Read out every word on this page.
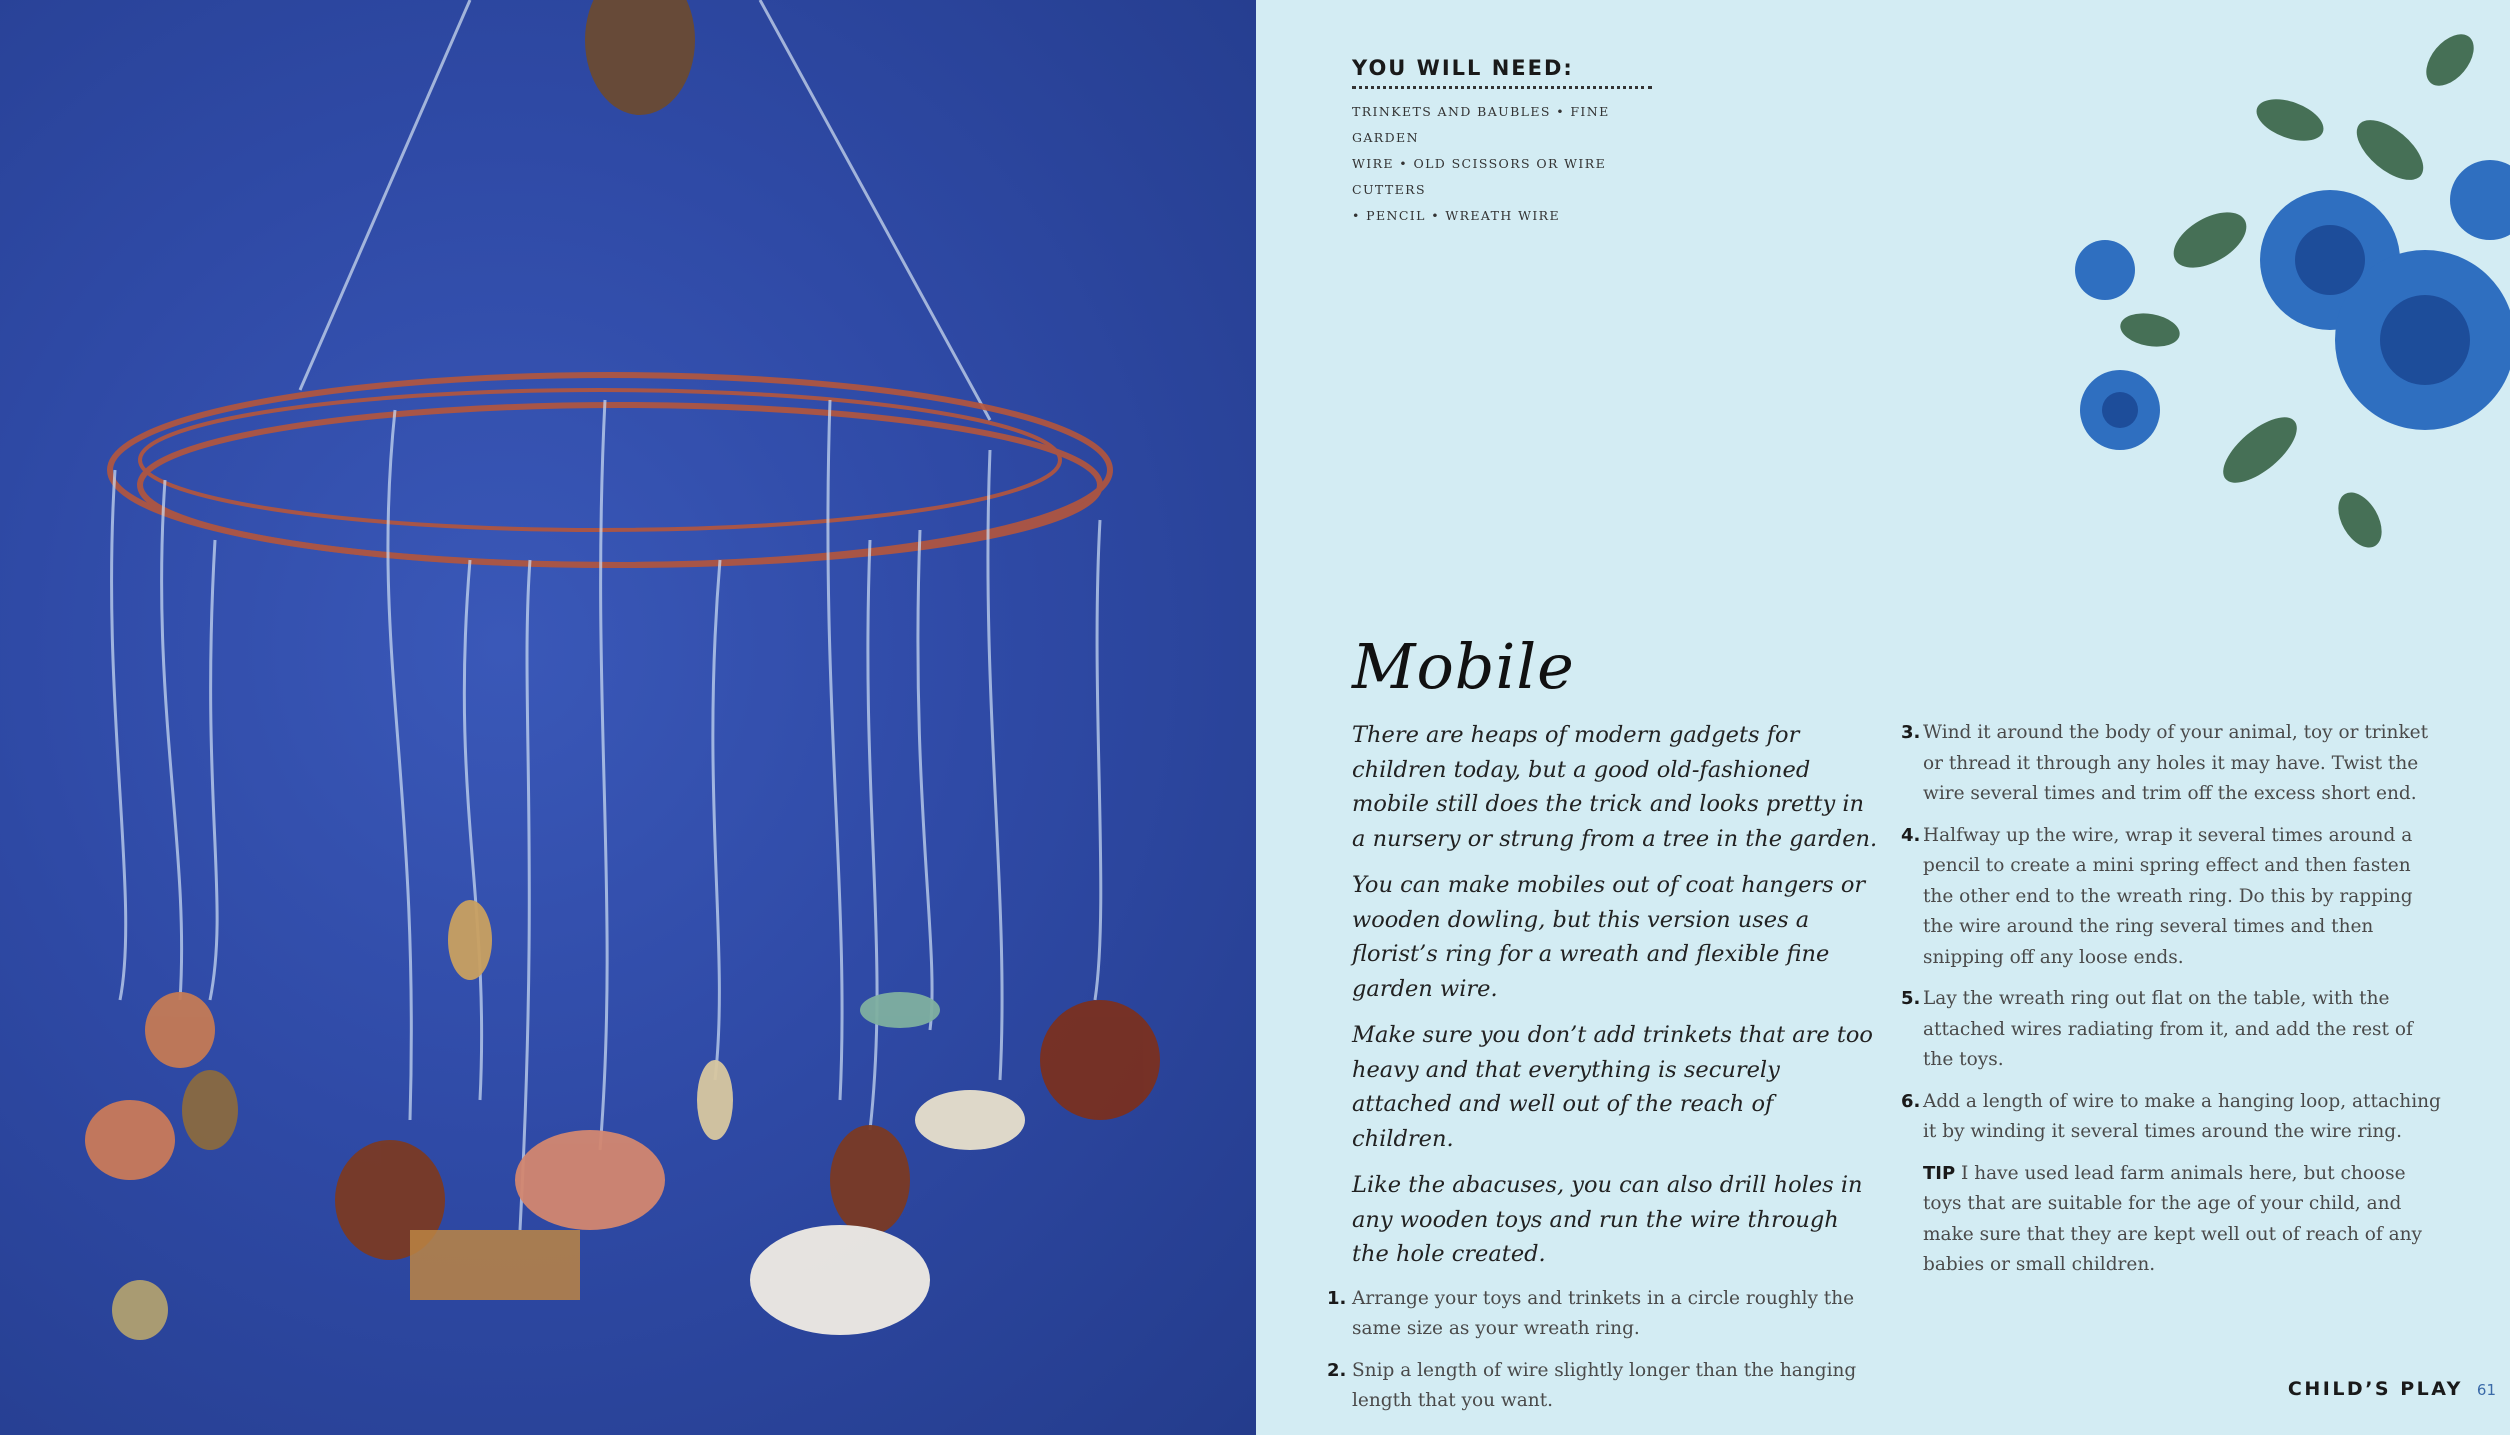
YOU WILL NEED:
TRINKETS AND BAUBLES • FINE GARDEN
WIRE • OLD SCISSORS OR WIRE CUTTERS
• PENCIL • WREATH WIRE
Mobile

There are heaps of modern gadgets for children today, but a good old-fashioned mobile still does the trick and looks pretty in a nursery or strung from a tree in the garden.

You can make mobiles out of coat hangers or wooden dowling, but this version uses a florist’s ring for a wreath and flexible fine garden wire.

Make sure you don’t add trinkets that are too heavy and that everything is securely attached and well out of the reach of children.

Like the abacuses, you can also drill holes in any wooden toys and run the wire through the hole created.

1. Arrange your toys and trinkets in a circle roughly the same size as your wreath ring.

2. Snip a length of wire slightly longer than the hanging length that you want.

3. Wind it around the body of your animal, toy or trinket or thread it through any holes it may have. Twist the wire several times and trim off the excess short end.

4. Halfway up the wire, wrap it several times around a pencil to create a mini spring effect and then fasten the other end to the wreath ring. Do this by rapping the wire around the ring several times and then snipping off any loose ends.

5. Lay the wreath ring out flat on the table, with the attached wires radiating from it, and add the rest of the toys.

6. Add a length of wire to make a hanging loop, attaching it by winding it several times around the wire ring.

TIP I have used lead farm animals here, but choose toys that are suitable for the age of your child, and make sure that they are kept well out of reach of any babies or small children.

CHILD’S PLAY 61
